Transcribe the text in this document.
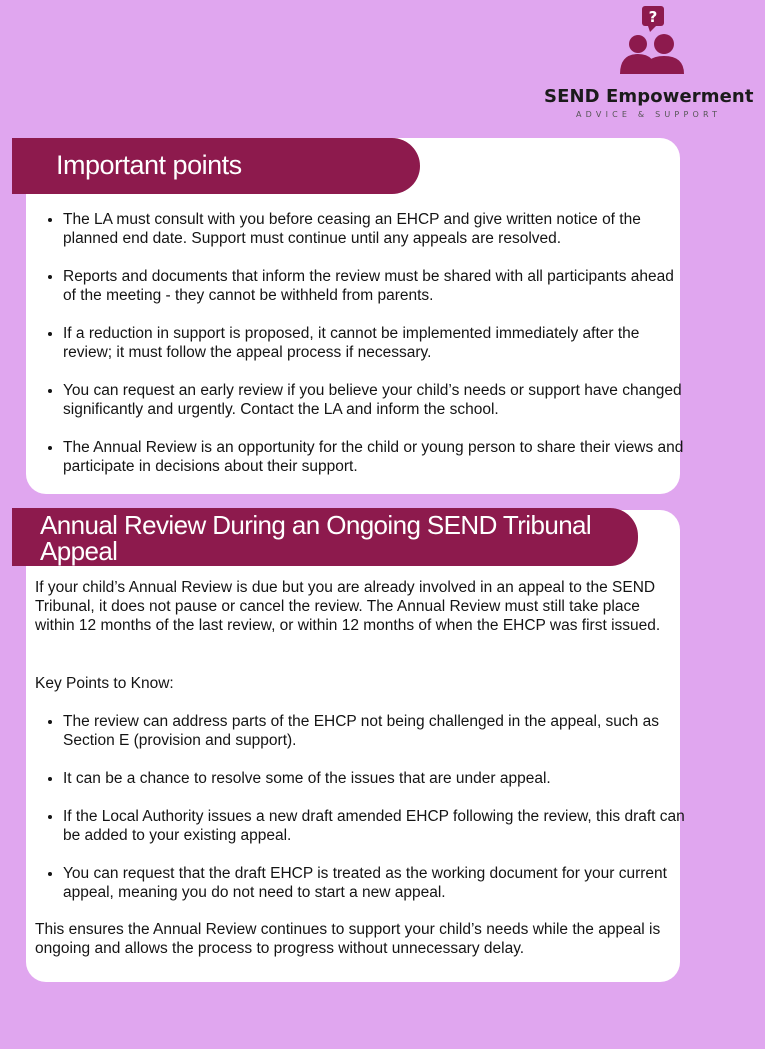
?
SEND Empowerment
ADVICE & SUPPORT
Important points
• The LA must consult with you before ceasing an EHCP and give written notice of the planned end date. Support must continue until any appeals are resolved.
• Reports and documents that inform the review must be shared with all participants ahead of the meeting - they cannot be withheld from parents.
• If a reduction in support is proposed, it cannot be implemented immediately after the review; it must follow the appeal process if necessary.
• You can request an early review if you believe your child’s needs or support have changed significantly and urgently. Contact the LA and inform the school.
• The Annual Review is an opportunity for the child or young person to share their views and participate in decisions about their support.
Annual Review During an Ongoing SEND Tribunal Appeal

If your child’s Annual Review is due but you are already involved in an appeal to the SEND Tribunal, it does not pause or cancel the review. The Annual Review must still take place within 12 months of the last review, or within 12 months of when the EHCP was first issued.

Key Points to Know:

• The review can address parts of the EHCP not being challenged in the appeal, such as Section E (provision and support).
• It can be a chance to resolve some of the issues that are under appeal.
• If the Local Authority issues a new draft amended EHCP following the review, this draft can be added to your existing appeal.
• You can request that the draft EHCP is treated as the working document for your current appeal, meaning you do not need to start a new appeal.

This ensures the Annual Review continues to support your child’s needs while the appeal is ongoing and allows the process to progress without unnecessary delay.
